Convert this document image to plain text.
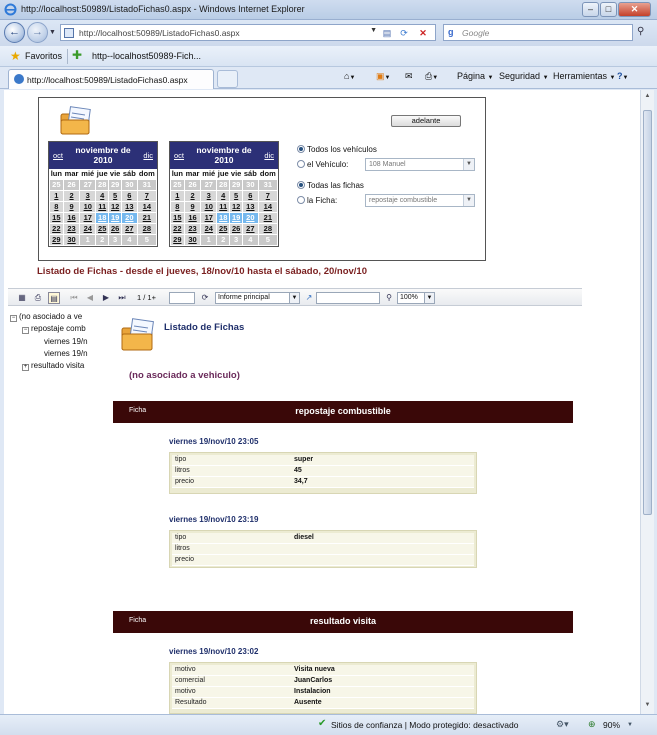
http://localhost:50989/ListadoFichas0.aspx - Windows Internet Explorer	–	□	✕
←	→ ▼	http://localhost:50989/ListadoFichas0.aspx	▼ ▤ ⟳ ✕ g Google	⚲
★ Favoritos ✚ http--localhost50989-Fich...
http://localhost:50989/ListadoFichas0.aspx	⌂▼ ▣▼ ✉ ⎙▼ Página ▼ Seguridad ▼ Herramientas ▼ ?▼
adelante
oct
noviembre de 2010	dic
lun	mar	mié	jue	vie	sáb	dom
25	26	27	28	29	30	31
1	2	3	4	5	6	7
8	9	10	11	12	13	14
15	16	17	18	19	20	21
22	23	24	25	26	27	28
29	30	1	2	3	4	5
oct
noviembre de 2010	dic
lun	mar	mié	jue	vie	sáb	dom
25	26	27	28	29	30	31
1	2	3	4	5	6	7
8	9	10	11	12	13	14
15	16	17	18	19	20	21
22	23	24	25	26	27	28
29	30	1	2	3	4	5
Todos los vehículos
el Vehículo:	108 Manuel	▼
Todas las fichas
la Ficha:	repostaje combustible	▼
Listado de Fichas - desde el jueves, 18/nov/10 hasta el sábado, 20/nov/10
▦	⎙	▤ ⏮	◀	▶	⏭	1 / 1+	⟳	Informe principal	▼	↗	⚲	100%	▼
− (no asociado a ve
− repostaje comb
viernes 19/n
viernes 19/n
+ resultado visita
Listado de Fichas
(no asociado a vehiculo)
Ficha	repostaje combustible
viernes 19/nov/10 23:05
tipo	super
litros	45
precio	34,7
viernes 19/nov/10 23:19
tipo	diesel
litros
precio
Ficha	resultado visita
viernes 19/nov/10 23:02
motivo	Visita nueva
comercial	JuanCarlos
motivo	Instalacion
Resultado	Ausente
▲
▼
✔ Sitios de confianza | Modo protegido: desactivado	⚙▾ ⊕ 90% ▼
